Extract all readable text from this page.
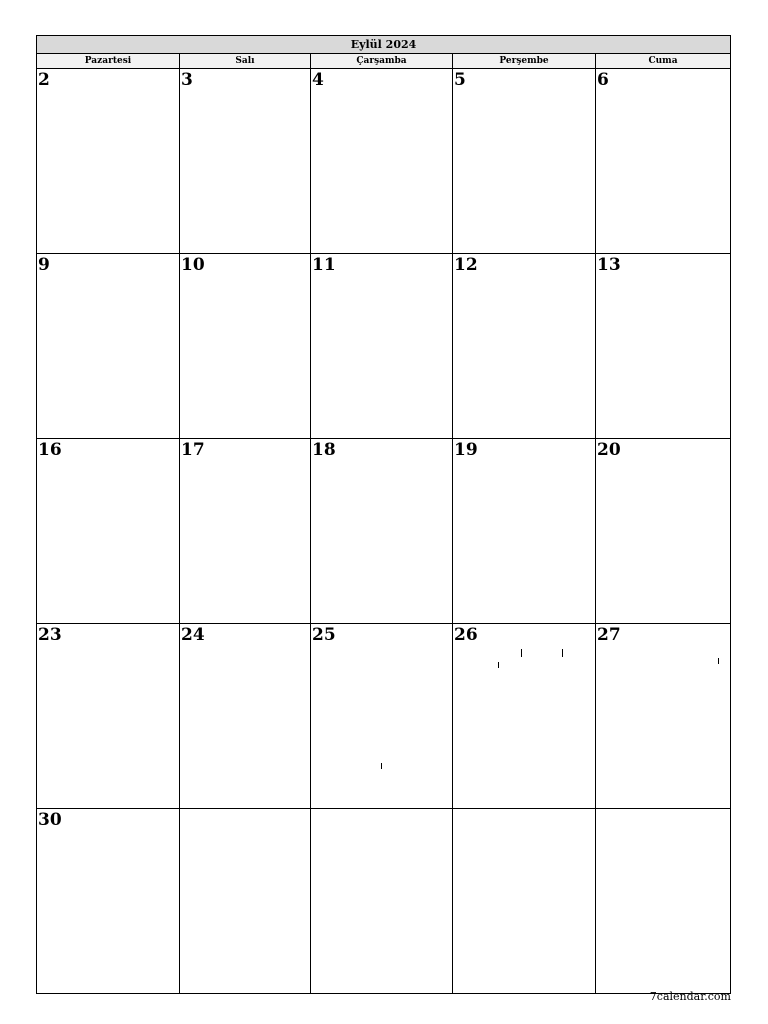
Eylül 2024
Pazartesi	Salı	Çarşamba	Perşembe	Cuma
2	3	4	5	6
9	10	11	12	13
16	17	18	19	20
23	24	25	26	27
30
7calendar.com
